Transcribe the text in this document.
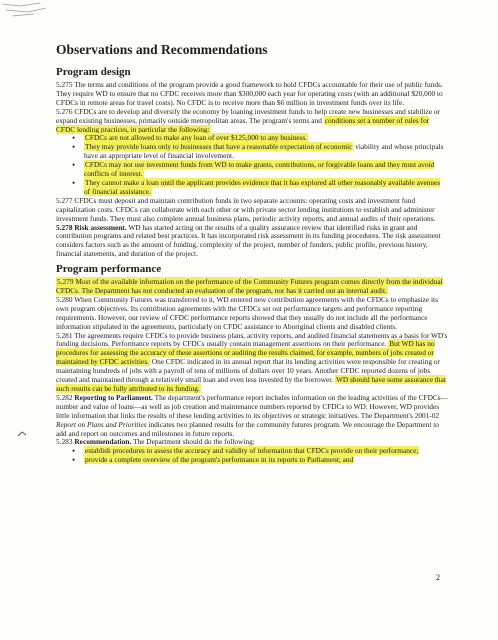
Observations and Recommendations
Program design

5.275 The terms and conditions of the program provide a good framework to hold CFDCs accountable for their use of public funds. They require WD to ensure that no CFDC receives more than $300,000 each year for operating costs (with an additional $20,000 to CFDCs in remote areas for travel costs). No CFDC is to receive more than $6 million in investment funds over its life.

5.276 CFDCs are to develop and diversify the economy by loaning investment funds to help create new businesses and stabilize or expand existing businesses, primarily outside metropolitan areas. The program's terms and conditions set a number of rules for CFDC lending practices, in particular the following:

• CFDCs are not allowed to make any loan of over $125,000 to any business.
• They may provide loans only to businesses that have a reasonable expectation of economic viability and whose principals have an appropriate level of financial involvement.
• CFDCs may not use investment funds from WD to make grants, contributions, or forgivable loans and they must avoid conflicts of interest.
• They cannot make a loan until the applicant provides evidence that it has explored all other reasonably available avenues of financial assistance.

5.277 CFDCs must deposit and maintain contribution funds in two separate accounts: operating costs and investment fund capitalization costs. CFDCs can collaborate with each other or with private sector lending institutions to establish and administer investment funds. They must also complete annual business plans, periodic activity reports, and annual audits of their operations.

5.278 Risk assessment. WD has started acting on the results of a quality assurance review that identified risks in grant and contribution programs and related best practices. It has incorporated risk assessment in its funding procedures. The risk assessment considers factors such as the amount of funding, complexity of the project, number of funders, public profile, previous history, financial statements, and duration of the project.

Program performance

5.279 Most of the available information on the performance of the Community Futures program comes directly from the individual CFDCs. The Department has not conducted an evaluation of the program, nor has it carried out an internal audit.

5.280 When Community Futures was transferred to it, WD entered new contribution agreements with the CFDCs to emphasize its own program objectives. Its contribution agreements with the CFDCs set out performance targets and performance reporting requirements. However, our review of CFDC performance reports showed that they usually do not include all the performance information stipulated in the agreements, particularly on CFDC assistance to Aboriginal clients and disabled clients.

5.281 The agreements require CFDCs to provide business plans, activity reports, and audited financial statements as a basis for WD's funding decisions. Performance reports by CFDCs usually contain management assertions on their performance. But WD has no procedures for assessing the accuracy of these assertions or auditing the results claimed, for example, numbers of jobs created or maintained by CFDC activities. One CFDC indicated in its annual report that its lending activities were responsible for creating or maintaining hundreds of jobs with a payroll of tens of millions of dollars over 10 years. Another CFDC reported dozens of jobs created and maintained through a relatively small loan and even less invested by the borrower. WD should have some assurance that such results can be fully attributed to its funding.

5.282 Reporting to Parliament. The department's performance report includes information on the leading activities of the CFDCs—number and value of loans—as well as job creation and maintenance numbers reported by CFDCs to WD. However, WD provides little information that links the results of these lending activities to its objectives or strategic initiatives. The Department's 2001-02 Report on Plans and Priorities indicates two planned results for the community futures program. We encourage the Department to add and report on outcomes and milestones in future reports.

5.283 Recommendation. The Department should do the following:

• establish procedures to assess the accuracy and validity of information that CFDCs provide on their performance;
• provide a complete overview of the program's performance in its reports to Parliament; and
2
